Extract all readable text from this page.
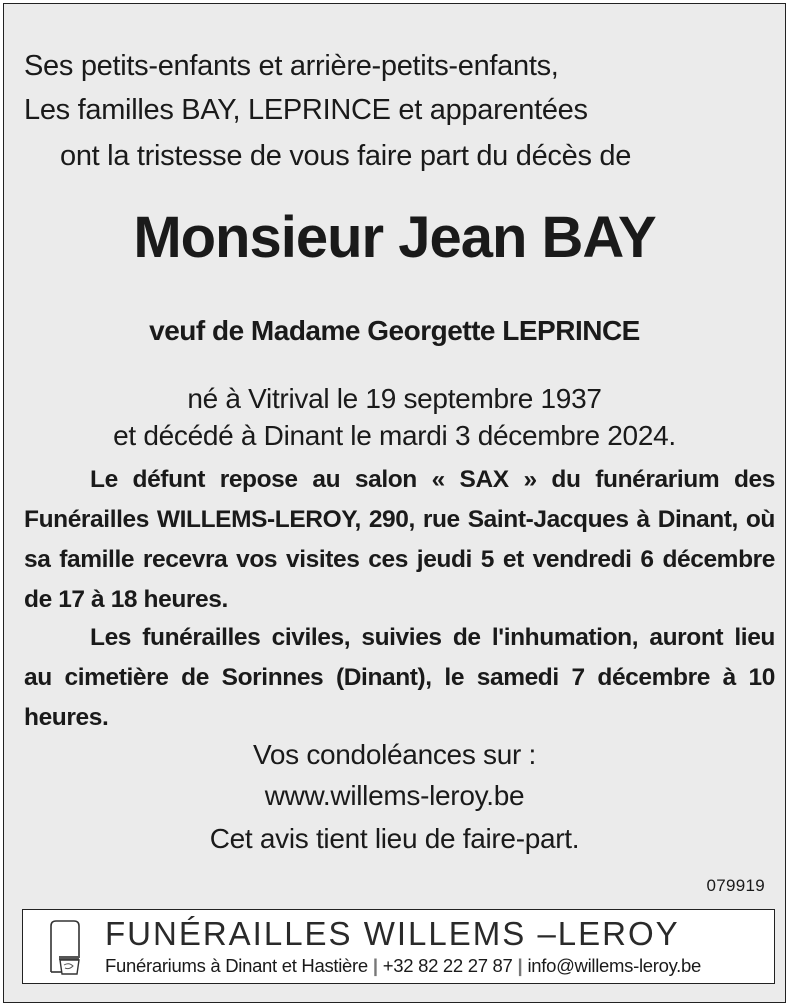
Ses petits-enfants et arrière-petits-enfants,
Les familles BAY, LEPRINCE et apparentées
ont la tristesse de vous faire part du décès de
Monsieur Jean BAY
veuf de Madame Georgette LEPRINCE
né à Vitrival le 19 septembre 1937
et décédé à Dinant le mardi 3 décembre 2024.
Le défunt repose au salon « SAX » du funérarium des Funérailles WILLEMS-LEROY, 290, rue Saint-Jacques à Dinant, où sa famille recevra vos visites ces jeudi 5 et vendredi 6 décembre de 17 à 18 heures.
Les funérailles civiles, suivies de l'inhumation, auront lieu au cimetière de Sorinnes (Dinant), le samedi 7 décembre à 10 heures.
Vos condoléances sur :
www.willems-leroy.be
Cet avis tient lieu de faire-part.
079919
FUNÉRAILLES WILLEMS –LEROY
Funérariums à Dinant et Hastière | +32 82 22 27 87 | info@willems-leroy.be
